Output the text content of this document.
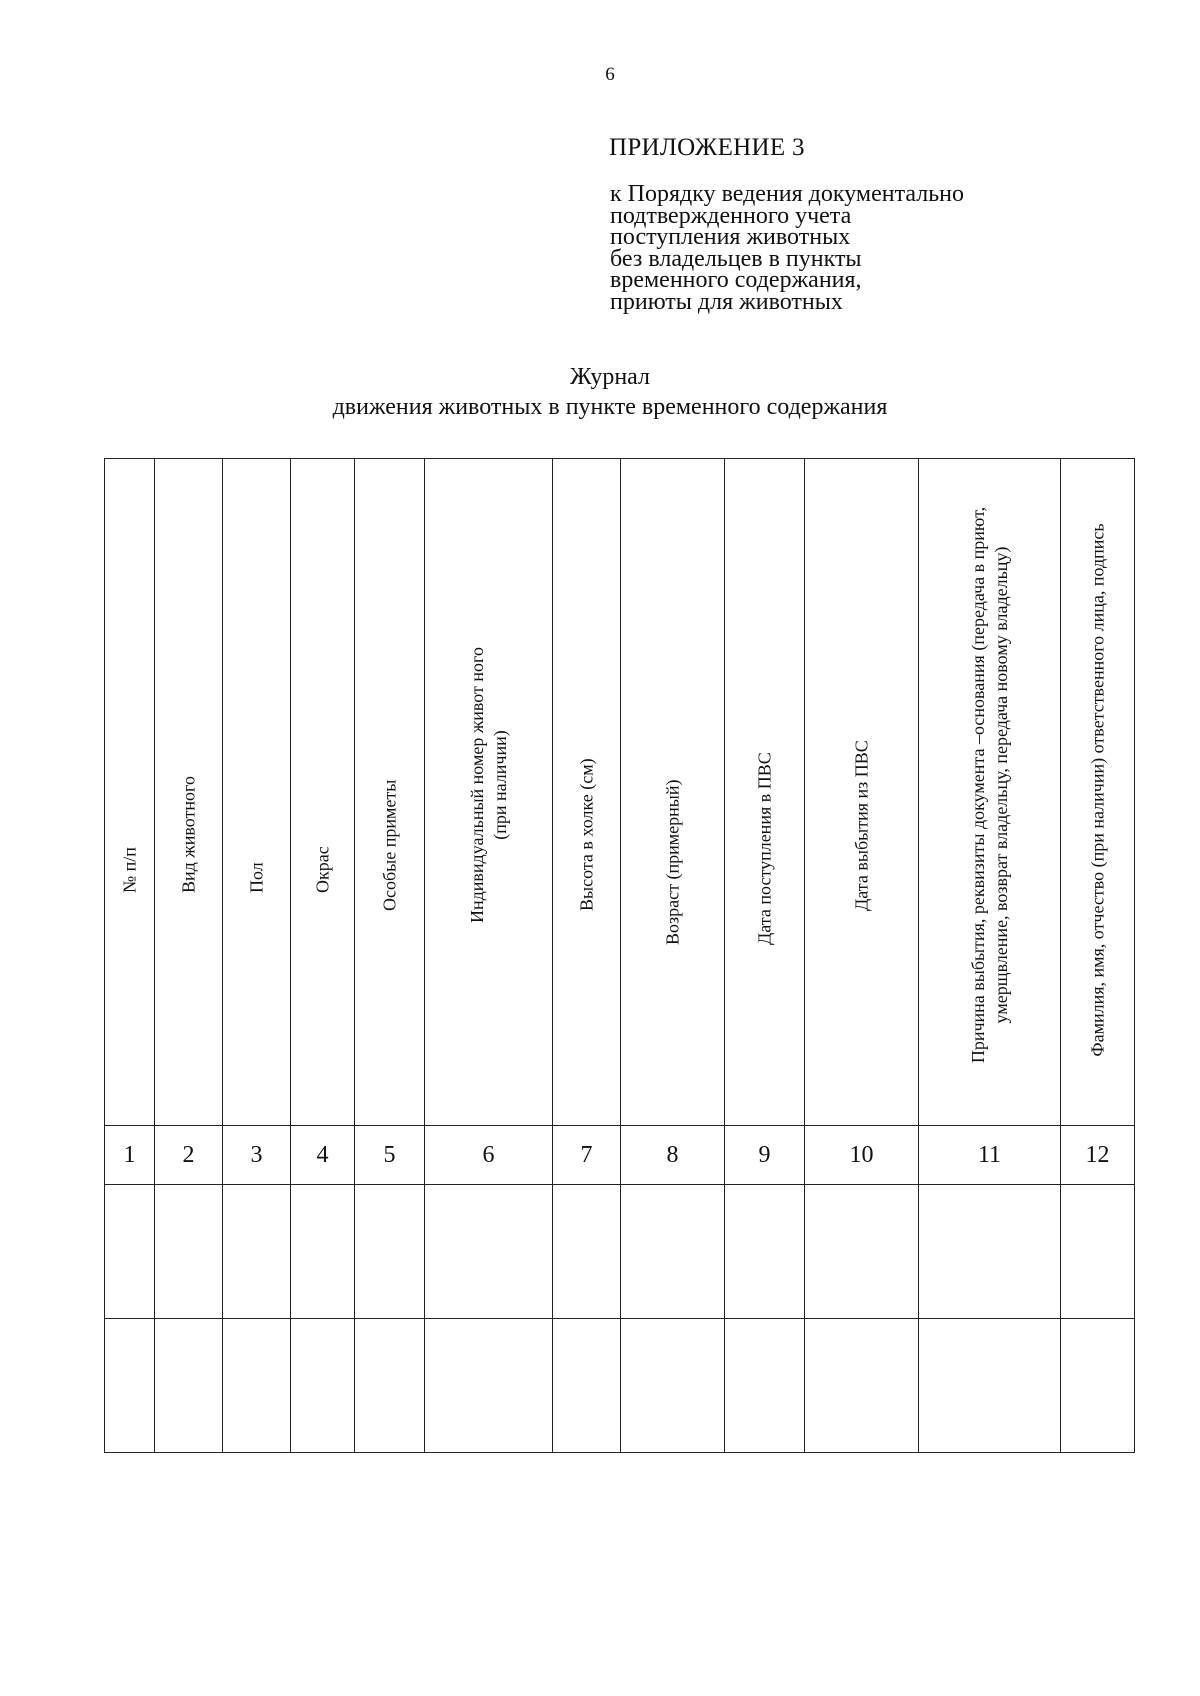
6
ПРИЛОЖЕНИЕ 3
к Порядку ведения документально
подтвержденного учета
поступления животных
без владельцев в пункты
временного содержания,
приюты для животных
Журнал
движения животных в пункте временного содержания
№ п/п	Вид животного	Пол	Окрас	Особые приметы	Индивидуальный номер живот ного (при наличии)	Высота в холке (см)	Возраст (примерный)	Дата поступления в ПВС	Дата выбытия из ПВС	Причина выбытия, реквизиты документа –основания (передача в приют, умерщвление, возврат владельцу, передача новому владельцу)	Фамилия, имя, отчество (при наличии) ответственного лица, подпись

1	2	3	4	5	6	7	8	9	10	11	12
